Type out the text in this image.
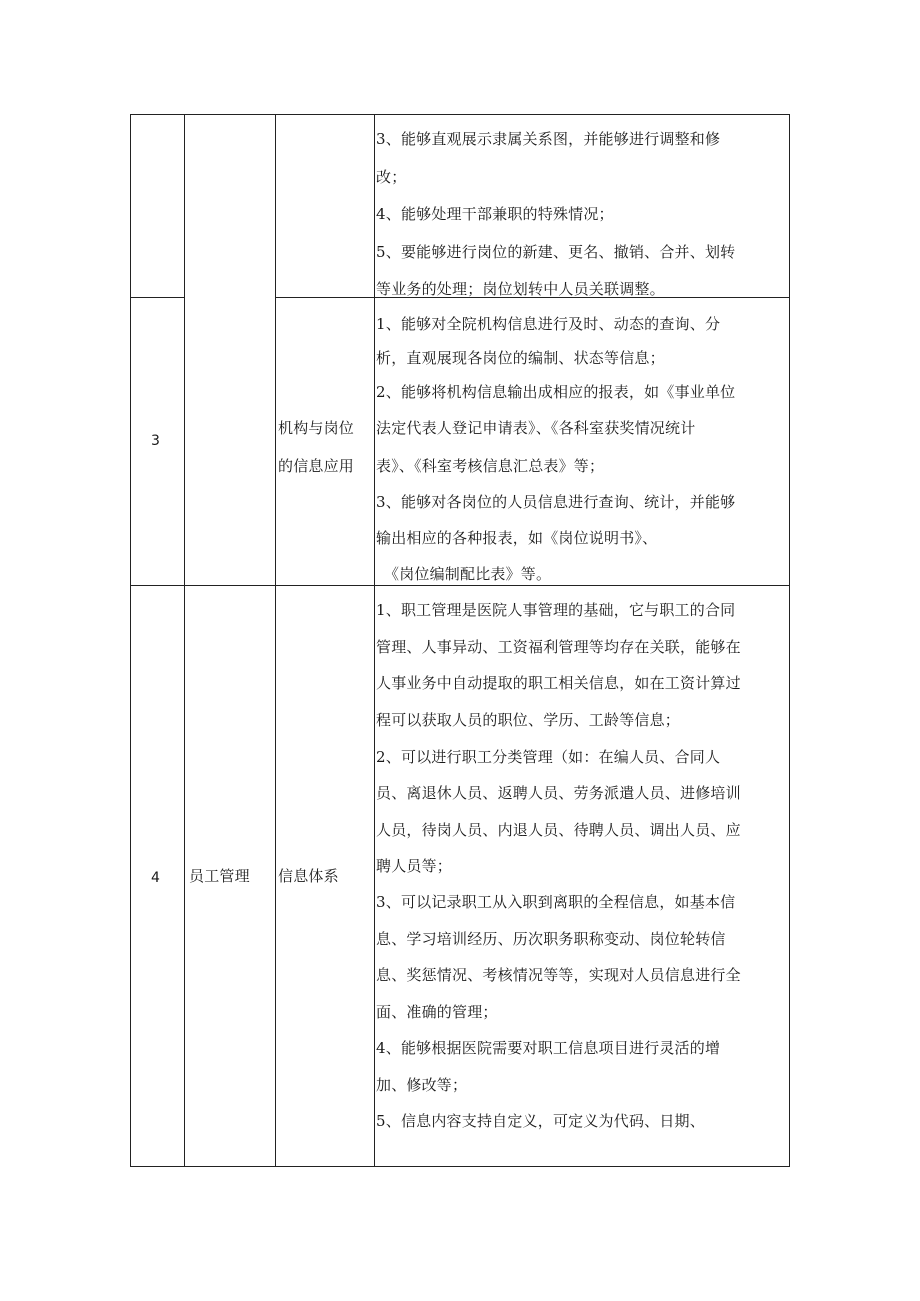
3、能够直观展示隶属关系图，并能够进行调整和修
改；
4、能够处理干部兼职的特殊情况；
5、要能够进行岗位的新建、更名、撤销、合并、划转
等业务的处理；岗位划转中人员关联调整。
3
机构与岗位
的信息应用
1、能够对全院机构信息进行及时、动态的查询、分
析，直观展现各岗位的编制、状态等信息；
2、能够将机构信息输出成相应的报表，如《事业单位
法定代表人登记申请表》、《各科室获奖情况统计
表》、《科室考核信息汇总表》等；
3、能够对各岗位的人员信息进行查询、统计，并能够
输出相应的各种报表，如《岗位说明书》、
《岗位编制配比表》等。
4 员工管理 信息体系
1、职工管理是医院人事管理的基础，它与职工的合同
管理、人事异动、工资福利管理等均存在关联，能够在
人事业务中自动提取的职工相关信息，如在工资计算过
程可以获取人员的职位、学历、工龄等信息；
2、可以进行职工分类管理（如：在编人员、合同人
员、离退休人员、返聘人员、劳务派遣人员、进修培训
人员，待岗人员、内退人员、待聘人员、调出人员、应
聘人员等；
3、可以记录职工从入职到离职的全程信息，如基本信
息、学习培训经历、历次职务职称变动、岗位轮转信
息、奖惩情况、考核情况等等，实现对人员信息进行全
面、准确的管理；
4、能够根据医院需要对职工信息项目进行灵活的增
加、修改等；
5、信息内容支持自定义，可定义为代码、日期、
